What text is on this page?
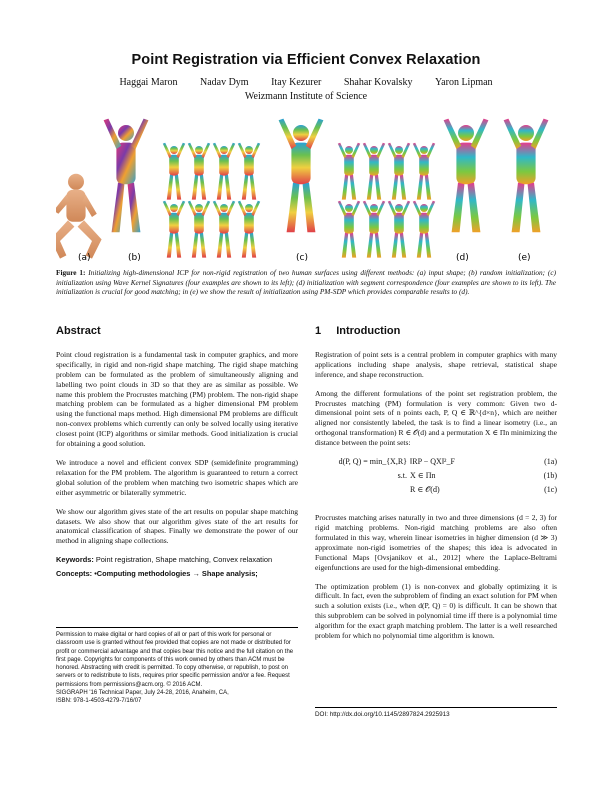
Point Registration via Efficient Convex Relaxation
Haggai Maron Nadav Dym Itay Kezurer Shahar Kovalsky Yaron Lipman
Weizmann Institute of Science
(a)	(b)	(c)	(d)	(e)
Figure 1: Initializing high-dimensional ICP for non-rigid registration of two human surfaces using different methods: (a) input shape; (b) random initialization; (c) initialization using Wave Kernel Signatures (four examples are shown to its left); (d) initialization with segment correspondence (four examples are shown to its left). The initialization is crucial for good matching; in (e) we show the result of initialization using PM-SDP which provides comparable results to (d).
Abstract

Point cloud registration is a fundamental task in computer graphics, and more specifically, in rigid and non-rigid shape matching. The rigid shape matching problem can be formulated as the problem of simultaneously aligning and labelling two point clouds in 3D so that they are as similar as possible. We name this problem the Procrustes matching (PM) problem. The non-rigid shape matching problem can be formulated as a higher dimensional PM problem using the functional maps method. High dimensional PM problems are difficult non-convex problems which currently can only be solved locally using iterative closest point (ICP) algorithms or similar methods. Good initialization is crucial for obtaining a good solution.

We introduce a novel and efficient convex SDP (semidefinite programming) relaxation for the PM problem. The algorithm is guaranteed to return a correct global solution of the problem when matching two isometric shapes which are either asymmetric or bilaterally symmetric.

We show our algorithm gives state of the art results on popular shape matching datasets. We also show that our algorithm gives state of the art results for anatomical classification of shapes. Finally we demonstrate the power of our method in aligning shape collections.

Keywords: Point registration, Shape matching, Convex relaxation
Concepts: •Computing methodologies → Shape analysis;
Permission to make digital or hard copies of all or part of this work for personal or classroom use is granted without fee provided that copies are not made or distributed for profit or commercial advantage and that copies bear this notice and the full citation on the first page. Copyrights for components of this work owned by others than ACM must be honored. Abstracting with credit is permitted. To copy otherwise, or republish, to post on servers or to redistribute to lists, requires prior specific permission and/or a fee. Request permissions from permissions@acm.org. © 2016 ACM.
SIGGRAPH '16 Technical Paper, July 24-28, 2016, Anaheim, CA,
ISBN: 978-1-4503-4279-7/16/07
1 Introduction

Registration of point sets is a central problem in computer graphics with many applications including shape analysis, shape retrieval, statistical shape inference, and shape reconstruction.

Among the different formulations of the point set registration problem, the Procrustes matching (PM) formulation is very common: Given two d-dimensional point sets of n points each, P, Q ∈ ℝ^{d×n}, which are neither aligned nor consistently labeled, the task is to find a linear isometry (i.e., an orthogonal transformation) R ∈ 𝒪(d) and a permutation X ∈ Πn minimizing the distance between the point sets:

d(P, Q) = min_{X,R} ‖RP − QX‖²_F	(1a)
s.t. X ∈ Πn	(1b)
R ∈ 𝒪(d)	(1c)

Procrustes matching arises naturally in two and three dimensions (d = 2, 3) for rigid matching problems. Non-rigid matching problems are also often formulated in this way, wherein linear isometries in higher dimension (d ≫ 3) approximate non-rigid isometries of the shapes; this idea is advocated in Functional Maps [Ovsjanikov et al., 2012] where the Laplace-Beltrami eigenfunctions are used for the high-dimensional embedding.

The optimization problem (1) is non-convex and globally optimizing it is difficult. In fact, even the subproblem of finding an exact solution for PM when such a solution exists (i.e., when d(P, Q) = 0) is difficult. It can be shown that this subproblem can be solved in polynomial time iff there is a polynomial time algorithm for the exact graph matching problem. The latter is a well researched problem for which no polynomial time algorithm is known.

DOI: http://dx.doi.org/10.1145/2897824.2925913
